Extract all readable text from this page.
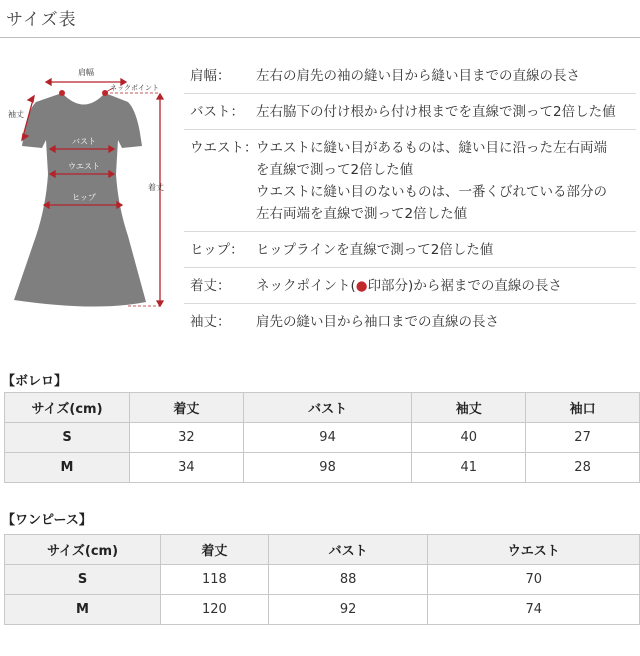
サイズ表
肩幅
ネックポイント
袖丈
バスト
ウエスト
ヒップ
着丈
肩幅：	左右の肩先の袖の縫い目から縫い目までの直線の長さ
バスト： 左右脇下の付け根から付け根までを直線で測って2倍した値
ウエスト：
ウエストに縫い目があるものは、縫い目に沿った左右両端
を直線で測って2倍した値
ウエストに縫い目のないものは、一番くびれている部分の
左右両端を直線で測って2倍した値
ヒップ： ヒップラインを直線で測って2倍した値
着丈：	ネックポイント(●印部分)から裾までの直線の長さ
袖丈：	肩先の縫い目から袖口までの直線の長さ
【ボレロ】
サイズ(cm)	着丈	バスト	袖丈	袖口
S	32	94	40	27
M	34	98	41	28
【ワンピース】
サイズ(cm)	着丈	バスト	ウエスト
S	118	88	70
M	120	92	74
